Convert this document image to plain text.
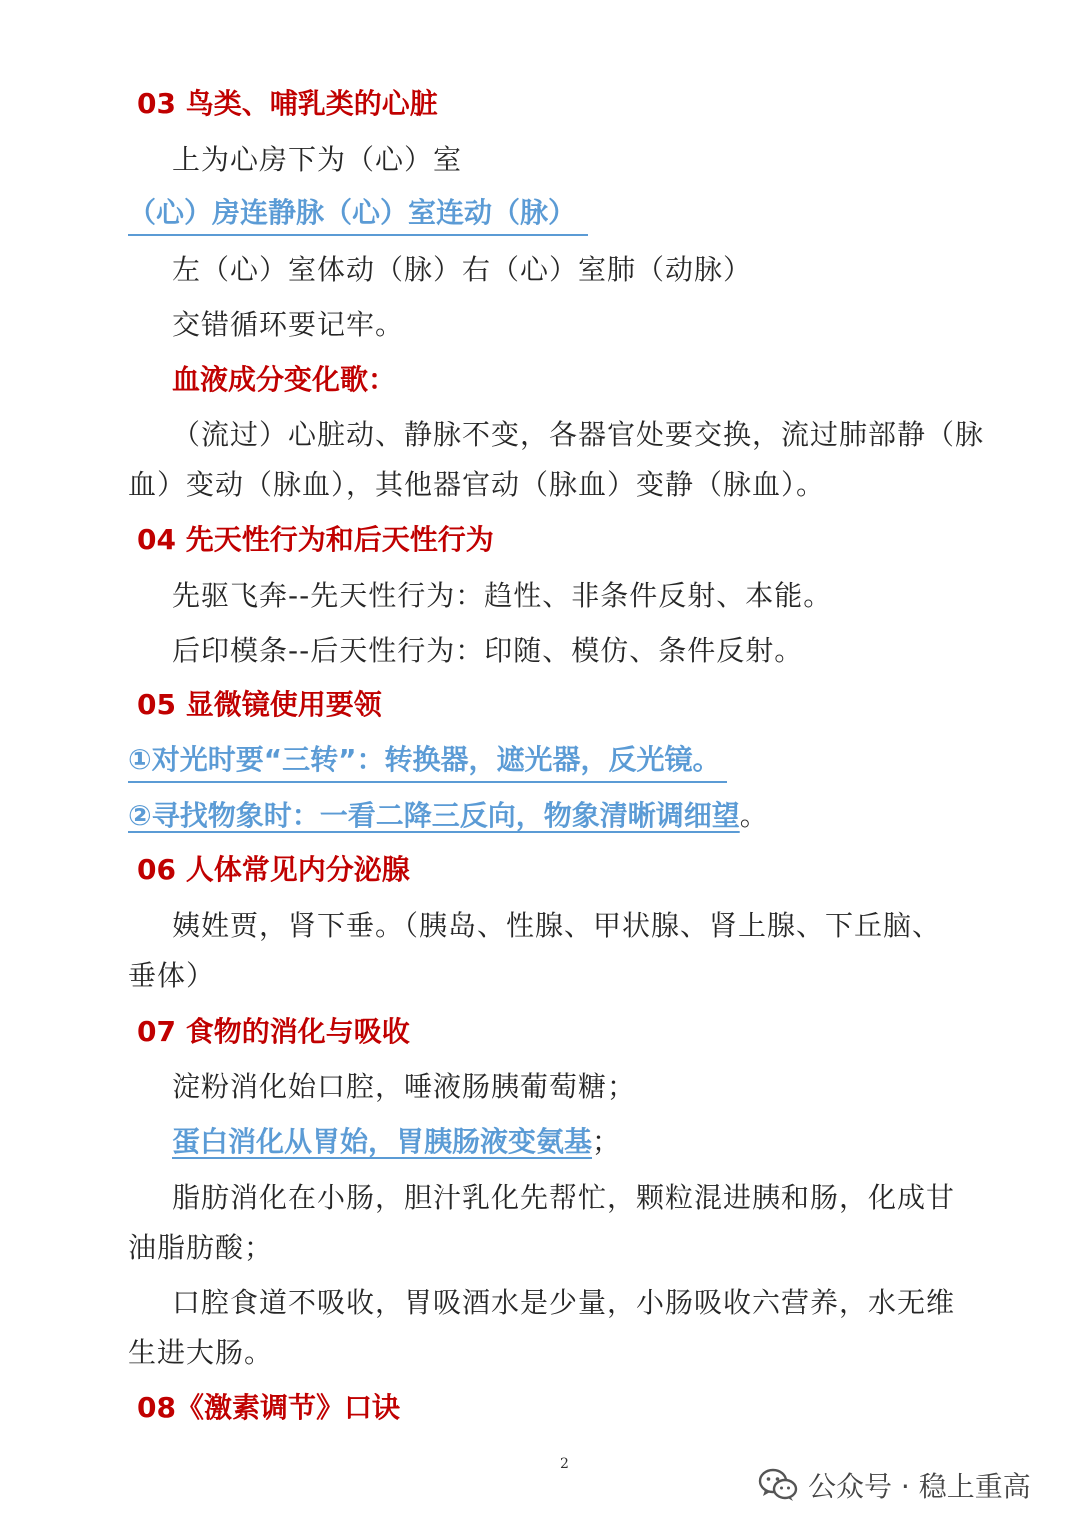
03 鸟类、哺乳类的心脏
上为心房下为（心）室
（心）房连静脉（心）室连动（脉）
左（心）室体动（脉）右（心）室肺（动脉）
交错循环要记牢。
血液成分变化歌：
（流过）心脏动、静脉不变，各器官处要交换，流过肺部静（脉
血）变动（脉血），其他器官动（脉血）变静（脉血）。
04 先天性行为和后天性行为
先驱飞奔--先天性行为：趋性、非条件反射、本能。
后印模条--后天性行为：印随、模仿、条件反射。
05 显微镜使用要领
①对光时要“三转”：转换器，遮光器，反光镜。
②寻找物象时：一看二降三反向，物象清晰调细望。
06 人体常见内分泌腺
姨姓贾，肾下垂。（胰岛、性腺、甲状腺、肾上腺、下丘脑、
垂体）
07 食物的消化与吸收
淀粉消化始口腔，唾液肠胰葡萄糖；
蛋白消化从胃始，胃胰肠液变氨基；
脂肪消化在小肠，胆汁乳化先帮忙，颗粒混进胰和肠，化成甘
油脂肪酸；
口腔食道不吸收，胃吸酒水是少量，小肠吸收六营养，水无维
生进大肠。
08《激素调节》口诀
2
公众号 · 稳上重高
